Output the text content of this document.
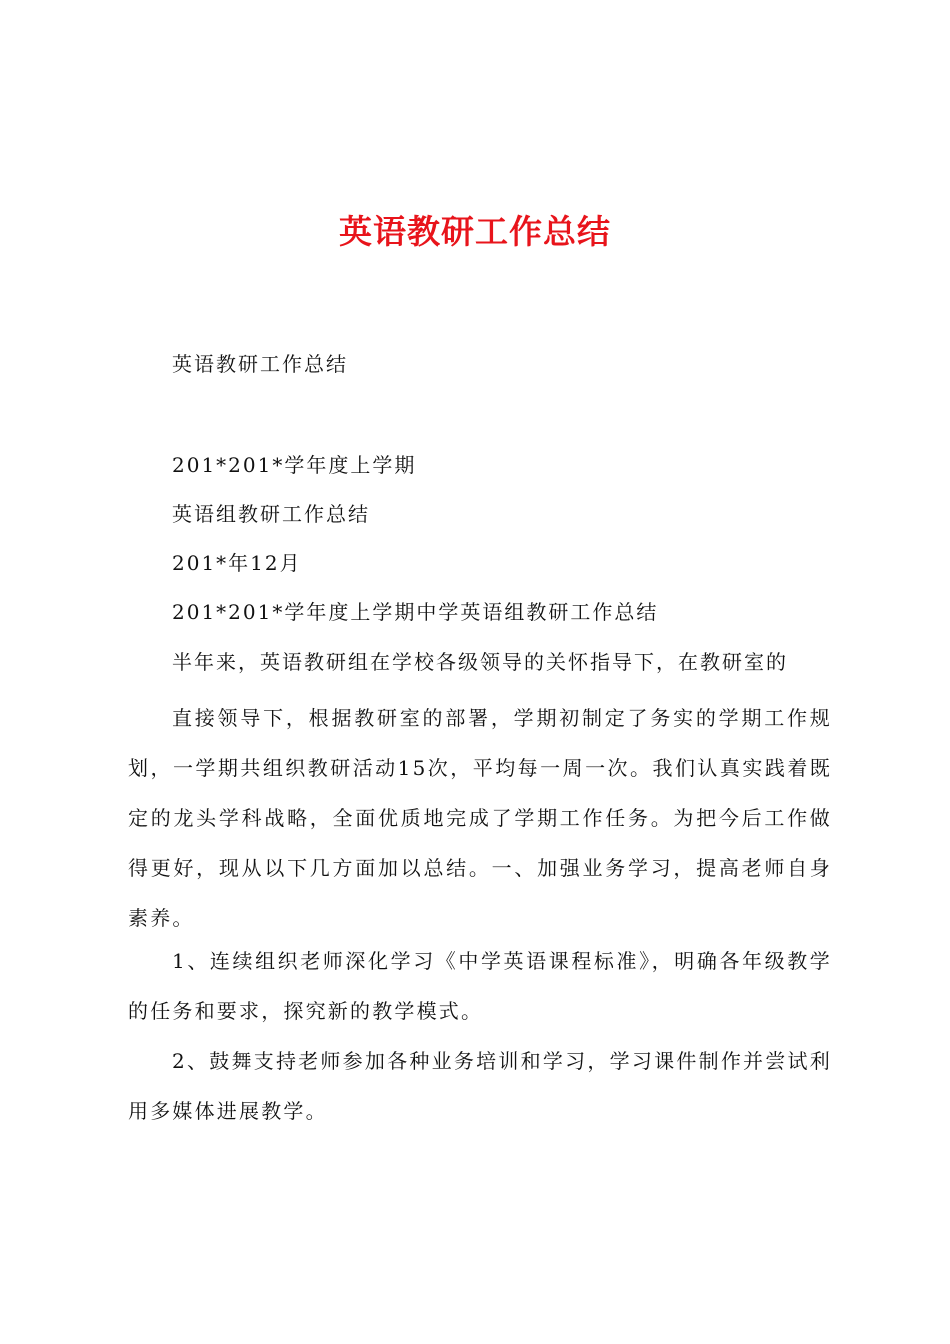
英语教研工作总结
英语教研工作总结
201*201*学年度上学期
英语组教研工作总结
201*年12月
201*201*学年度上学期中学英语组教研工作总结
半年来，英语教研组在学校各级领导的关怀指导下，在教研室的
直接领导下，根据教研室的部署，学期初制定了务实的学期工作规划，一学期共组织教研活动15次，平均每一周一次。我们认真实践着既定的龙头学科战略，全面优质地完成了学期工作任务。为把今后工作做得更好，现从以下几方面加以总结。一、加强业务学习，提高老师自身素养。
1、连续组织老师深化学习《中学英语课程标准》，明确各年级教学的任务和要求，探究新的教学模式。
2、鼓舞支持老师参加各种业务培训和学习，学习课件制作并尝试利用多媒体进展教学。
